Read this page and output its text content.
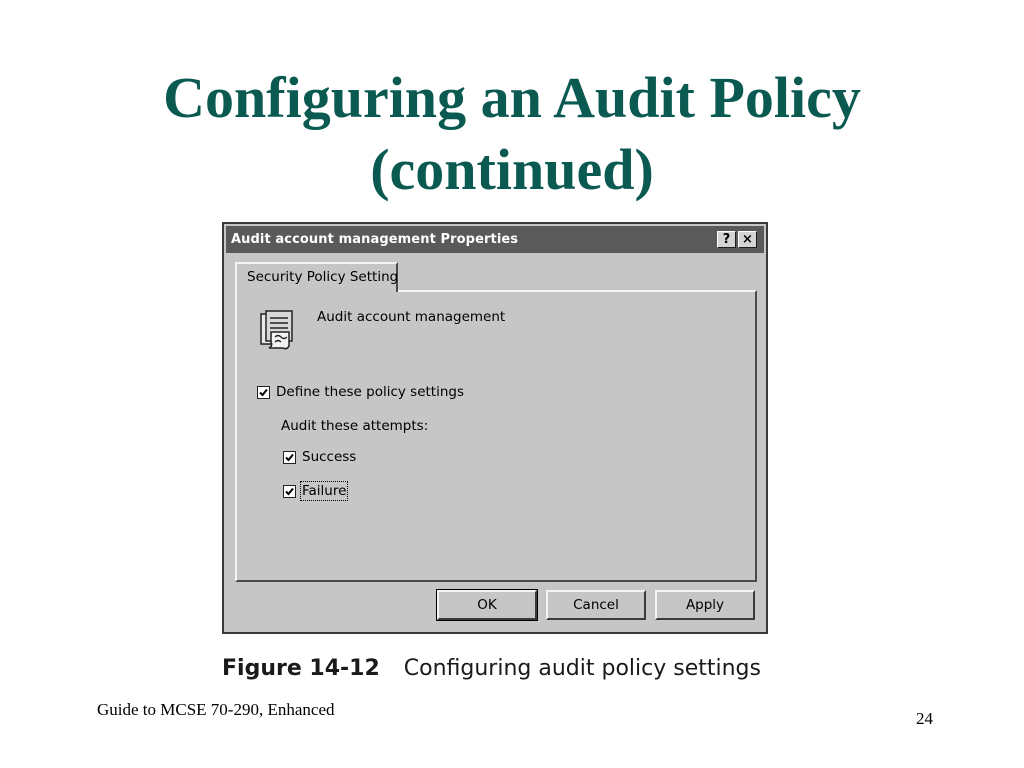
Configuring an Audit Policy
(continued)
Audit account management Properties	? ×
Security Policy Setting
Audit account management
Define these policy settings
Audit these attempts:
Success
Failure
OK	Cancel	Apply
Figure 14-12 Configuring audit policy settings
Guide to MCSE 70-290, Enhanced	24
